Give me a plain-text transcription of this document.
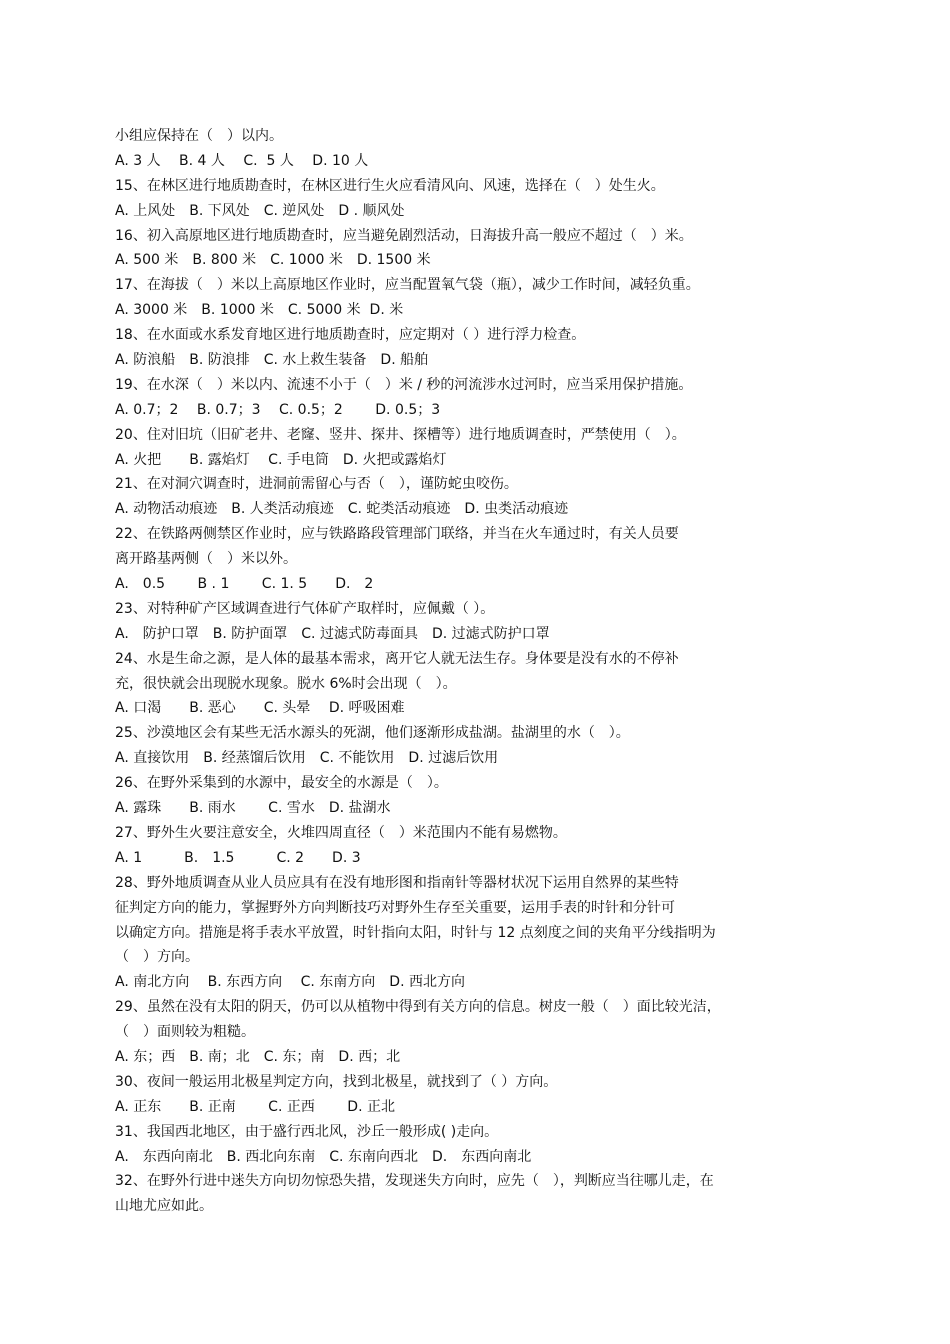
小组应保持在（　）以内。
A. 3 人　 B. 4 人　 C.  5 人　 D. 10 人
15、在林区进行地质勘查时，在林区进行生火应看清风向、风速，选择在（　）处生火。
A. 上风处　B. 下风处　C. 逆风处　D . 顺风处
16、初入高原地区进行地质勘查时，应当避免剧烈活动，日海拔升高一般应不超过（　）米。
A. 500 米　B. 800 米　C. 1000 米　D. 1500 米
17、在海拔（　）米以上高原地区作业时，应当配置氧气袋（瓶），减少工作时间，减轻负重。
A. 3000 米　B. 1000 米　C. 5000 米  D. 米
18、在水面或水系发育地区进行地质勘查时，应定期对（ ）进行浮力检查。
A. 防浪船　B. 防浪排　C. 水上救生装备　D. 船舶
19、在水深（　）米以内、流速不小于（　）米 / 秒的河流涉水过河时，应当采用保护措施。
A. 0.7；2　 B. 0.7；3　 C. 0.5；2　　 D. 0.5；3
20、住对旧坑（旧矿老井、老窿、竖井、探井、探槽等）进行地质调查时，严禁使用（　）。
A. 火把　　B. 露焰灯　 C. 手电筒　D. 火把或露焰灯
21、在对洞穴调查时，进洞前需留心与否（　），谨防蛇虫咬伤。
A. 动物活动痕迹　B. 人类活动痕迹　C. 蛇类活动痕迹　D. 虫类活动痕迹
22、在铁路两侧禁区作业时，应与铁路路段管理部门联络，并当在火车通过时，有关人员要
离开路基两侧（　）米以外。
A.　0.5　　 B . 1　　 C. 1. 5　　D.　2
23、对特种矿产区域调查进行气体矿产取样时，应佩戴（ ）。
A.　防护口罩　B. 防护面罩　C. 过滤式防毒面具　D. 过滤式防护口罩
24、水是生命之源，是人体的最基本需求，离开它人就无法生存。身体要是没有水的不停补
充，很快就会出现脱水现象。脱水 6%时会出现（　）。
A. 口渴　　B. 恶心　　C. 头晕　 D. 呼吸困难
25、沙漠地区会有某些无活水源头的死湖，他们逐渐形成盐湖。盐湖里的水（　）。
A. 直接饮用　B. 经蒸馏后饮用　C. 不能饮用　D. 过滤后饮用
26、在野外采集到的水源中，最安全的水源是（　）。
A. 露珠　　B. 雨水　　 C. 雪水　D. 盐湖水
27、野外生火要注意安全，火堆四周直径（　）米范围内不能有易燃物。
A. 1　　　B.　1.5　　　C. 2　　D. 3
28、野外地质调查从业人员应具有在没有地形图和指南针等器材状况下运用自然界的某些特
征判定方向的能力，掌握野外方向判断技巧对野外生存至关重要，运用手表的时针和分针可
以确定方向。措施是将手表水平放置，时针指向太阳，时针与 12 点刻度之间的夹角平分线指明为
（　）方向。
A. 南北方向　 B. 东西方向　 C. 东南方向　D. 西北方向
29、虽然在没有太阳的阴天，仍可以从植物中得到有关方向的信息。树皮一般（　）面比较光洁，
（　）面则较为粗糙。
A. 东；西　B. 南；北　C. 东；南　D. 西；北
30、夜间一般运用北极星判定方向，找到北极星，就找到了（ ）方向。
A. 正东　　B. 正南　　 C. 正西　　 D. 正北
31、我国西北地区，由于盛行西北风，沙丘一般形成( )走向。
A.　东西向南北　B. 西北向东南　C. 东南向西北　D.　东西向南北
32、在野外行进中迷失方向切勿惊恐失措，发现迷失方向时，应先（　），判断应当往哪儿走，在
山地尤应如此。
